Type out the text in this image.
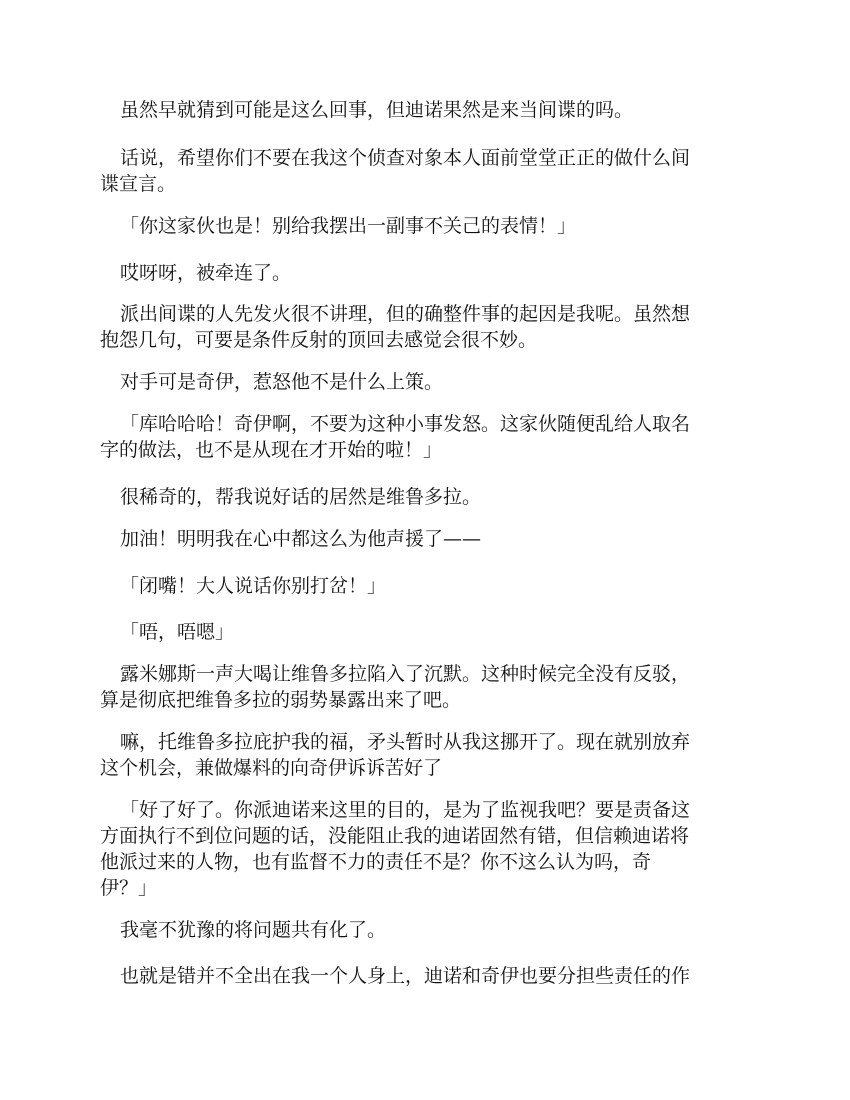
虽然早就猜到可能是这么回事，但迪诺果然是来当间谍的吗。

话说，希望你们不要在我这个侦查对象本人面前堂堂正正的做什么间
谍宣言。

「你这家伙也是！别给我摆出一副事不关己的表情！」

哎呀呀，被牵连了。

派出间谍的人先发火很不讲理，但的确整件事的起因是我呢。虽然想
抱怨几句，可要是条件反射的顶回去感觉会很不妙。

对手可是奇伊，惹怒他不是什么上策。

「库哈哈哈！奇伊啊，不要为这种小事发怒。这家伙随便乱给人取名
字的做法，也不是从现在才开始的啦！」

很稀奇的，帮我说好话的居然是维鲁多拉。

加油！明明我在心中都这么为他声援了——

「闭嘴！大人说话你别打岔！」

「唔，唔嗯」

露米娜斯一声大喝让维鲁多拉陷入了沉默。这种时候完全没有反驳，
算是彻底把维鲁多拉的弱势暴露出来了吧。

嘛，托维鲁多拉庇护我的福，矛头暂时从我这挪开了。现在就别放弃
这个机会，兼做爆料的向奇伊诉诉苦好了

「好了好了。你派迪诺来这里的目的，是为了监视我吧？要是责备这
方面执行不到位问题的话，没能阻止我的迪诺固然有错，但信赖迪诺将
他派过来的人物，也有监督不力的责任不是？你不这么认为吗，奇
伊？」

我毫不犹豫的将问题共有化了。

也就是错并不全出在我一个人身上，迪诺和奇伊也要分担些责任的作
